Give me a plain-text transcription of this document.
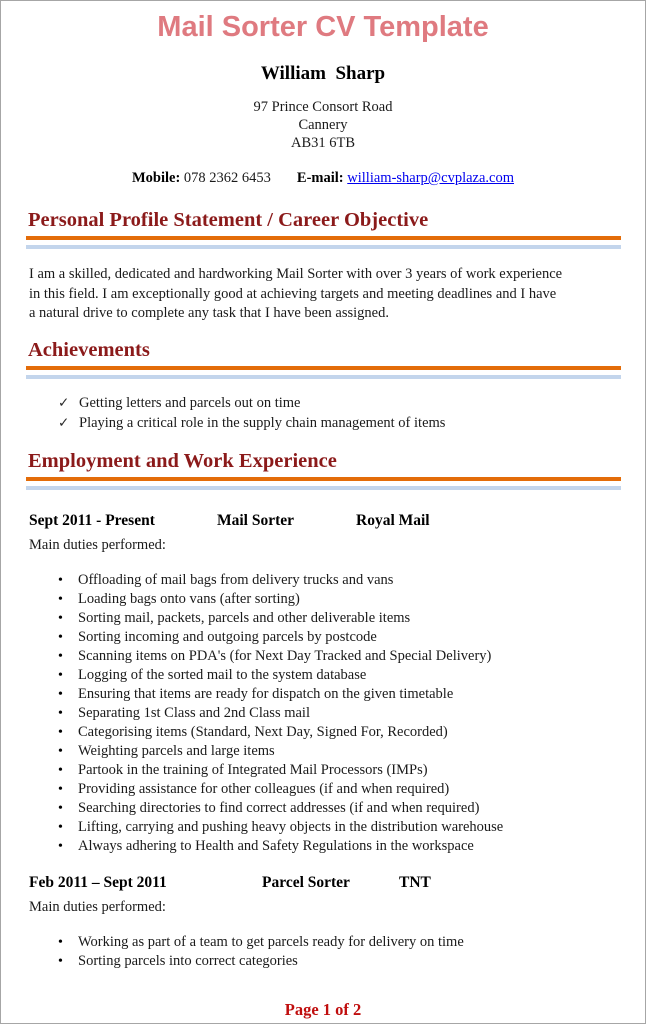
Mail Sorter CV Template
William  Sharp
97 Prince Consort Road
Cannery
AB31 6TB
Mobile: 078 2362 6453 E-mail: william-sharp@cvplaza.com
Personal Profile Statement / Career Objective
I am a skilled, dedicated and hardworking Mail Sorter with over 3 years of work experience in this field. I am exceptionally good at achieving targets and meeting deadlines and I have a natural drive to complete any task that I have been assigned.
Achievements
✓ Getting letters and parcels out on time
✓ Playing a critical role in the supply chain management of items
Employment and Work Experience
Sept 2011 - Present	Mail Sorter	Royal Mail
Main duties performed:
•	Offloading of mail bags from delivery trucks and vans
•	Loading bags onto vans (after sorting)
•	Sorting mail, packets, parcels and other deliverable items
•	Sorting incoming and outgoing parcels by postcode
•	Scanning items on PDA's (for Next Day Tracked and Special Delivery)
•	Logging of the sorted mail to the system database
•	Ensuring that items are ready for dispatch on the given timetable
•	Separating 1st Class and 2nd Class mail
•	Categorising items (Standard, Next Day, Signed For, Recorded)
•	Weighting parcels and large items
•	Partook in the training of Integrated Mail Processors (IMPs)
•	Providing assistance for other colleagues (if and when required)
•	Searching directories to find correct addresses (if and when required)
•	Lifting, carrying and pushing heavy objects in the distribution warehouse
•	Always adhering to Health and Safety Regulations in the workspace
Feb 2011 – Sept 2011	Parcel Sorter	TNT
Main duties performed:
•	Working as part of a team to get parcels ready for delivery on time
•	Sorting parcels into correct categories
Page 1 of 2
